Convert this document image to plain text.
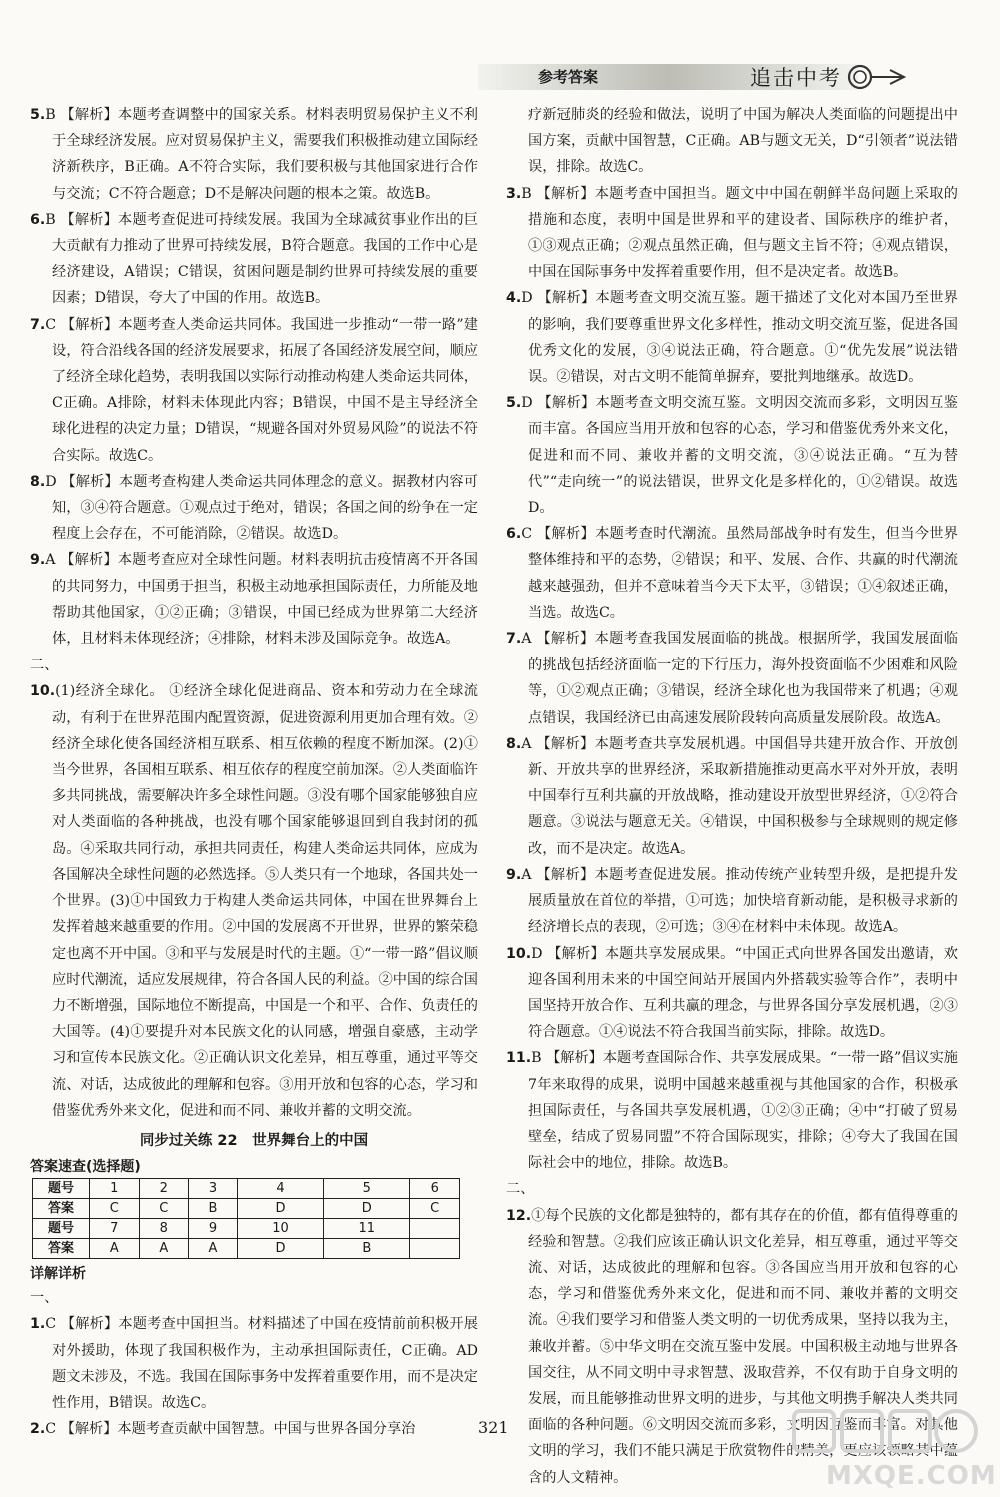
参考答案	追击中考

5.B 【解析】本题考查调整中的国家关系。材料表明贸易保护主义不利于全球经济发展。应对贸易保护主义，需要我们积极推动建立国际经济新秩序，B正确。A不符合实际，我们要积极与其他国家进行合作与交流；C不符合题意；D不是解决问题的根本之策。故选B。

6.B 【解析】本题考查促进可持续发展。我国为全球减贫事业作出的巨大贡献有力推动了世界可持续发展，B符合题意。我国的工作中心是经济建设，A错误；C错误，贫困问题是制约世界可持续发展的重要因素；D错误，夸大了中国的作用。故选B。

7.C 【解析】本题考查人类命运共同体。我国进一步推动“一带一路”建设，符合沿线各国的经济发展要求，拓展了各国经济发展空间，顺应了经济全球化趋势，表明我国以实际行动推动构建人类命运共同体，C正确。A排除，材料未体现此内容；B错误，中国不是主导经济全球化进程的决定力量；D错误，“规避各国对外贸易风险”的说法不符合实际。故选C。

8.D 【解析】本题考查构建人类命运共同体理念的意义。据教材内容可知，③④符合题意。①观点过于绝对，错误；各国之间的纷争在一定程度上会存在，不可能消除，②错误。故选D。

9.A 【解析】本题考查应对全球性问题。材料表明抗击疫情离不开各国的共同努力，中国勇于担当，积极主动地承担国际责任，力所能及地帮助其他国家，①②正确；③错误，中国已经成为世界第二大经济体，且材料未体现经济；④排除，材料未涉及国际竞争。故选A。

二、

10.(1)经济全球化。 ①经济全球化促进商品、资本和劳动力在全球流动，有利于在世界范围内配置资源，促进资源利用更加合理有效。②经济全球化使各国经济相互联系、相互依赖的程度不断加深。(2)①当今世界，各国相互联系、相互依存的程度空前加深。②人类面临许多共同挑战，需要解决许多全球性问题。③没有哪个国家能够独自应对人类面临的各种挑战，也没有哪个国家能够退回到自我封闭的孤岛。④采取共同行动，承担共同责任，构建人类命运共同体，应成为各国解决全球性问题的必然选择。⑤人类只有一个地球，各国共处一个世界。(3)①中国致力于构建人类命运共同体，中国在世界舞台上发挥着越来越重要的作用。②中国的发展离不开世界，世界的繁荣稳定也离不开中国。③和平与发展是时代的主题。①“一带一路”倡议顺应时代潮流，适应发展规律，符合各国人民的利益。②中国的综合国力不断增强，国际地位不断提高，中国是一个和平、合作、负责任的大国等。(4)①要提升对本民族文化的认同感，增强自豪感，主动学习和宣传本民族文化。②正确认识文化差异，相互尊重，通过平等交流、对话，达成彼此的理解和包容。③用开放和包容的心态，学习和借鉴优秀外来文化，促进和而不同、兼收并蓄的文明交流。

同步过关练 22　世界舞台上的中国

答案速查(选择题)

题号	1	2	3	4	5	6
答案	C	C	B	D	D	C
题号	7	8	9	10	11	
答案	A	A	A	D	B	

详解详析

一、

1.C 【解析】本题考查中国担当。材料描述了中国在疫情前前积极开展对外援助，体现了我国积极作为，主动承担国际责任，C正确。AD题文未涉及，不选。我国在国际事务中发挥着重要作用，而不是决定性作用，B错误。故选C。

2.C 【解析】本题考查贡献中国智慧。中国与世界各国分享治

疗新冠肺炎的经验和做法，说明了中国为解决人类面临的问题提出中国方案，贡献中国智慧，C正确。AB与题文无关，D“引领者”说法错误，排除。故选C。

3.B 【解析】本题考查中国担当。题文中中国在朝鲜半岛问题上采取的措施和态度，表明中国是世界和平的建设者、国际秩序的维护者，①③观点正确；②观点虽然正确，但与题文主旨不符；④观点错误，中国在国际事务中发挥着重要作用，但不是决定者。故选B。

4.D 【解析】本题考查文明交流互鉴。题干描述了文化对本国乃至世界的影响，我们要尊重世界文化多样性，推动文明交流互鉴，促进各国优秀文化的发展，③④说法正确，符合题意。①“优先发展”说法错误。②错误，对古文明不能简单摒弃，要批判地继承。故选D。

5.D 【解析】本题考查文明交流互鉴。文明因交流而多彩，文明因互鉴而丰富。各国应当用开放和包容的心态，学习和借鉴优秀外来文化，促进和而不同、兼收并蓄的文明交流，③④说法正确。“互为替代”“走向统一”的说法错误，世界文化是多样化的，①②错误。故选D。

6.C 【解析】本题考查时代潮流。虽然局部战争时有发生，但当今世界整体维持和平的态势，②错误；和平、发展、合作、共赢的时代潮流越来越强劲，但并不意味着当今天下太平，③错误；①④叙述正确，当选。故选C。

7.A 【解析】本题考查我国发展面临的挑战。根据所学，我国发展面临的挑战包括经济面临一定的下行压力，海外投资面临不少困难和风险等，①②观点正确；③错误，经济全球化也为我国带来了机遇；④观点错误，我国经济已由高速发展阶段转向高质量发展阶段。故选A。

8.A 【解析】本题考查共享发展机遇。中国倡导共建开放合作、开放创新、开放共享的世界经济，采取新措施推动更高水平对外开放，表明中国奉行互利共赢的开放战略，推动建设开放型世界经济，①②符合题意。③说法与题意无关。④错误，中国积极参与全球规则的规定修改，而不是决定。故选A。

9.A 【解析】本题考查促进发展。推动传统产业转型升级，是把提升发展质量放在首位的举措，①可选；加快培育新动能，是积极寻求新的经济增长点的表现，②可选；③④在材料中未体现。故选A。

10.D 【解析】本题共享发展成果。“中国正式向世界各国发出邀请，欢迎各国利用未来的中国空间站开展国内外搭载实验等合作”，表明中国坚持开放合作、互利共赢的理念，与世界各国分享发展机遇，②③符合题意。①④说法不符合我国当前实际，排除。故选D。

11.B 【解析】本题考查国际合作、共享发展成果。“一带一路”倡议实施7年来取得的成果，说明中国越来越重视与其他国家的合作，积极承担国际责任，与各国共享发展机遇，①②③正确；④中“打破了贸易壁垒，结成了贸易同盟”不符合国际现实，排除；④夸大了我国在国际社会中的地位，排除。故选B。

二、

12.①每个民族的文化都是独特的，都有其存在的价值，都有值得尊重的经验和智慧。②我们应该正确认识文化差异，相互尊重，通过平等交流、对话，达成彼此的理解和包容。③各国应当用开放和包容的心态，学习和借鉴优秀外来文化，促进和而不同、兼收并蓄的文明交流。④我们要学习和借鉴人类文明的一切优秀成果，坚持以我为主，兼收并蓄。⑤中华文明在交流互鉴中发展。中国积极主动地与世界各国交往，从不同文明中寻求智慧、汲取营养，不仅有助于自身文明的发展，而且能够推动世界文明的进步，与其他文明携手解决人类共同面临的各种问题。⑥文明因交流而多彩，文明因互鉴而丰富。对其他文明的学习，我们不能只满足于欣赏物件的精美，更应该领略其中蕴含的人文精神。

321
MXQE.COM
